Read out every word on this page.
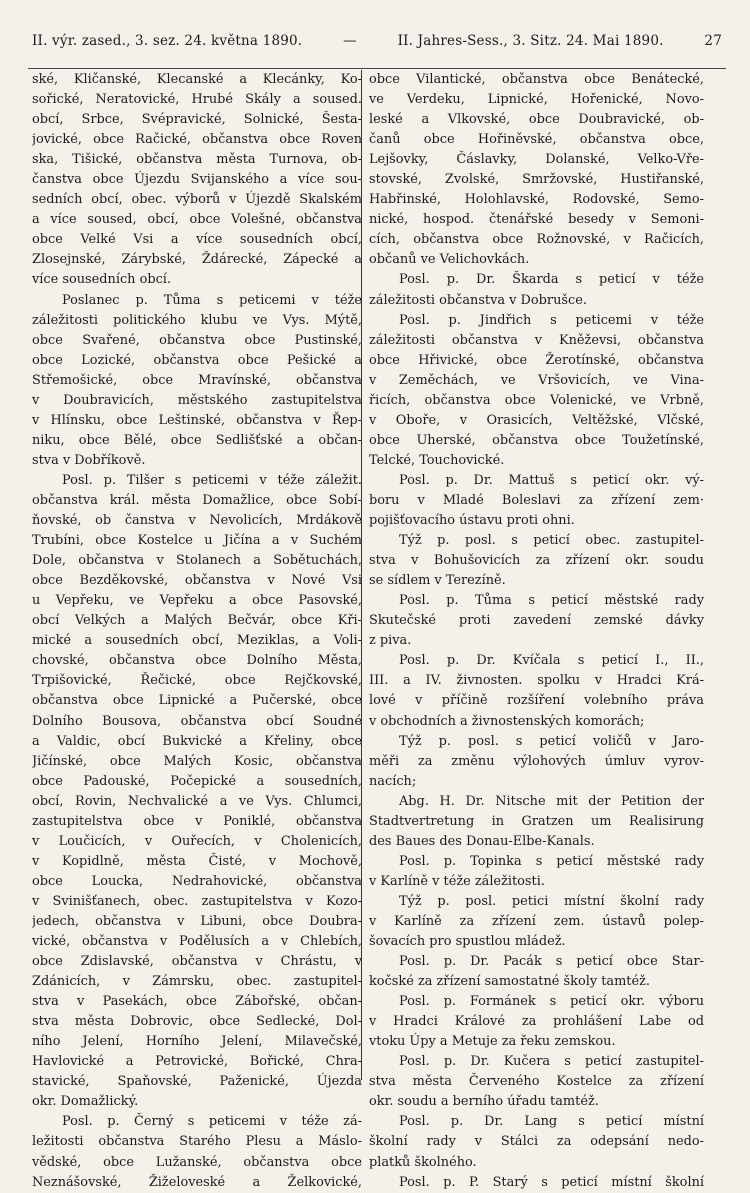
II. výr. zased., 3. sez. 24. května 1890.	—	II. Jahres-Sess., 3. Sitz. 24. Mai 1890.	27
ské, Kličanské, Klecanské a Klecánky, Ko-
sořické, Neratovické, Hrubé Skály a soused.
obcí, Srbce, Svépravické, Solnické, Šesta-
jovické, obce Račické, občanstva obce Roven
ska, Tišické, občanstva města Turnova, ob-
čanstva obce Újezdu Svijanského a více sou-
sedních obcí, obec. výborů v Újezdě Skalském
a více soused, obcí, obce Volešné, občanstva
obce Velké Vsi a více sousedních obcí,
Zlosejnské, Zárybské, Ždárecké, Zápecké a
více sousedních obcí.
Poslanec p. Tůma s peticemi v téže
záležitosti politického klubu ve Vys. Mýtě,
obce Svařené, občanstva obce Pustinské,
obce Lozické, občanstva obce Pešické a
Střemošické, obce Mravínské, občanstva
v Doubravicích, městského zastupitelstva
v Hlínsku, obce Leštinské, občanstva v Řep-
niku, obce Bělé, obce Sedlišťské a občan-
stva v Dobříkově.
Posl. p. Tilšer s peticemi v téže záležit.
občanstva král. města Domažlice, obce Sobí-
ňovské, ob čanstva v Nevolicích, Mrdákově
Trubíni, obce Kostelce u Jičína a v Suchém
Dole, občanstva v Stolanech a Sobětuchách,
obce Bezděkovské, občanstva v Nové Vsi
u Vepřeku, ve Vepřeku a obce Pasovské,
obcí Velkých a Malých Bečvár, obce Kři-
mické a sousedních obcí, Meziklas, a Voli-
chovské, občanstva obce Dolního Města,
Trpišovické, Řečické, obce Rejčkovské,
občanstva obce Lipnické a Pučerské, obce
Dolního Bousova, občanstva obcí Soudné
a Valdic, obcí Bukvické a Křeliny, obce
Jičínské, obce Malých Kosic, občanstva
obce Padouské, Počepické a sousedních,
obcí, Rovin, Nechvalické a ve Vys. Chlumci,
zastupitelstva obce v Poniklé, občanstva
v Loučicích, v Ouřecích, v Cholenicích,
v Kopidlně, města Čisté, v Mochově,
obce Loucka, Nedrahovické, občanstva
v Svinišťanech, obec. zastupitelstva v Kozo-
jedech, občanstva v Libuni, obce Doubra-
vické, občanstva v Podělusích a v Chlebích,
obce Zdislavské, občanstva v Chrástu, v
Zdánicích, v Zámrsku, obec. zastupitel-
stva v Pasekách, obce Zábořské, občan-
stva města Dobrovic, obce Sedlecké, Dol-
ního Jelení, Horního Jelení, Milavečské,
Havlovické a Petrovické, Bořické, Chra-
stavické, Spaňovské, Paženické, Újezda
okr. Domažlický.
Posl. p. Černý s peticemi v téže zá-
ležitosti občanstva Starého Plesu a Máslo-
vědské, obce Lužanské, občanstva obce
Neznášovské, Žiželoveské a Želkovické,
obce Vilantické, občanstva obce Benátecké,
ve Verdeku, Lipnické, Hořenické, Novo-
leské a Vlkovské, obce Doubravické, ob-
čanů obce Hořiněvské, občanstva obce,
Lejšovky, Čáslavky, Dolanské, Velko-Vře-
stovské, Zvolské, Smržovské, Hustiřanské,
Habřinské, Holohlavské, Rodovské, Semo-
nické, hospod. čtenářské besedy v Semoni-
cích, občanstva obce Rožnovské, v Račicích,
občanů ve Velichovkách.
Posl. p. Dr. Škarda s peticí v téže
záležitosti občanstva v Dobrušce.
Posl. p. Jindřich s peticemi v téže
záležitosti občanstva v Kněževsi, občanstva
obce Hřivické, obce Žerotínské, občanstva
v Zeměchách, ve Vršovicích, ve Vina-
řicích, občanstva obce Volenické, ve Vrbně,
v Oboře, v Orasicích, Veltěžské, Vlčské,
obce Uherské, občanstva obce Toužetínské,
Telcké, Touchovické.
Posl. p. Dr. Mattuš s peticí okr. vý-
boru v Mladé Boleslavi za zřízení zem·
pojišťovacího ústavu proti ohni.
Týž p. posl. s peticí obec. zastupitel-
stva v Bohušovicích za zřízení okr. soudu
se sídlem v Terezíně.
Posl. p. Tůma s peticí městské rady
Skutečské proti zavedení zemské dávky
z piva.
Posl. p. Dr. Kvíčala s peticí I., II.,
III. a IV. živnosten. spolku v Hradci Krá-
lové v příčině rozšíření volebního práva
v obchodních a živnostenských komorách;
Týž p. posl. s peticí voličů v Jaro-
měři za změnu výlohových úmluv vyrov-
nacích;
Abg. H. Dr. Nitsche mit der Petition der
Stadtvertretung in Gratzen um Realisirung
des Baues des Donau-Elbe-Kanals.
Posl. p. Topinka s peticí městské rady
v Karlíně v téže záležitosti.
Týž p. posl. petici místní školní rady
v Karlíně za zřízení zem. ústavů polep-
šovacích pro spustlou mládež.
Posl. p. Dr. Pacák s peticí obce Star-
kočské za zřízení samostatné školy tamtéž.
Posl. p. Formánek s peticí okr. výboru
v Hradci Králové za prohlášení Labe od
vtoku Úpy a Metuje za řeku zemskou.
Posl. p. Dr. Kučera s peticí zastupitel-
stva města Červeného Kostelce za zřízení
okr. soudu a berního úřadu tamtéž.
Posl. p. Dr. Lang s peticí místní
školní rady v Stálci za odepsání nedo-
platků školného.
Posl. p. P. Starý s peticí místní školní
